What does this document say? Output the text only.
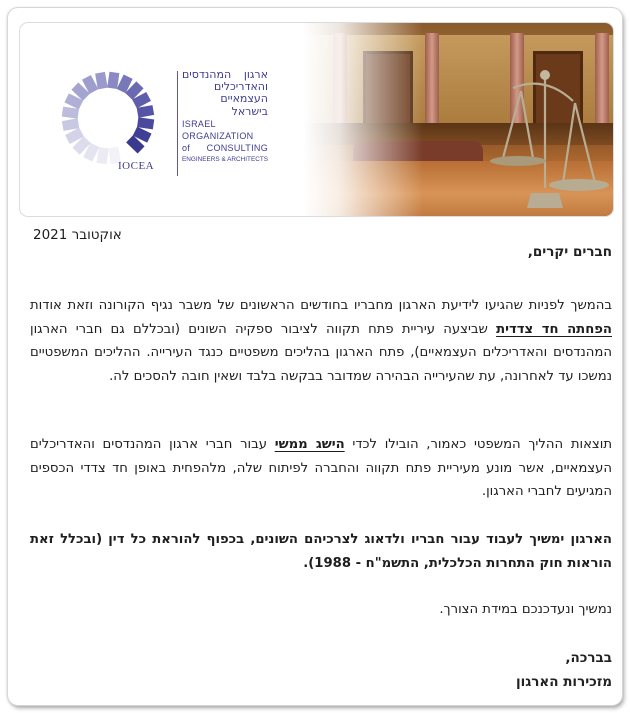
IOCEA
ארגון המהנדסים
והאדריכלים
העצמאיים
בישראל
ISRAEL
ORGANIZATION
of CONSULTING
ENGINEERS & ARCHITECTS
אוקטובר 2021
חברים יקרים,
בהמשך לפניות שהגיעו לידיעת הארגון מחבריו בחודשים הראשונים של משבר נגיף הקורונה וזאת אודות הפחתה חד צדדית שביצעה עיריית פתח תקווה לציבור ספקיה השונים (ובכללם גם חברי הארגון המהנדסים והאדריכלים העצמאיים), פתח הארגון בהליכים משפטיים כנגד העירייה. ההליכים המשפטיים נמשכו עד לאחרונה, עת שהעירייה הבהירה שמדובר בבקשה בלבד ושאין חובה להסכים לה.
תוצאות ההליך המשפטי כאמור, הובילו לכדי הישג ממשי עבור חברי ארגון המהנדסים והאדריכלים העצמאיים, אשר מונע מעיריית פתח תקווה והחברה לפיתוח שלה, מלהפחית באופן חד צדדי הכספים המגיעים לחברי הארגון.
הארגון ימשיך לעבוד עבור חבריו ולדאוג לצרכיהם השונים, בכפוף להוראת כל דין (ובכלל זאת הוראות חוק התחרות הכלכלית, התשמ"ח - 1988).
נמשיך ונעדכנכם במידת הצורך.
בברכה,
מזכירות הארגון
